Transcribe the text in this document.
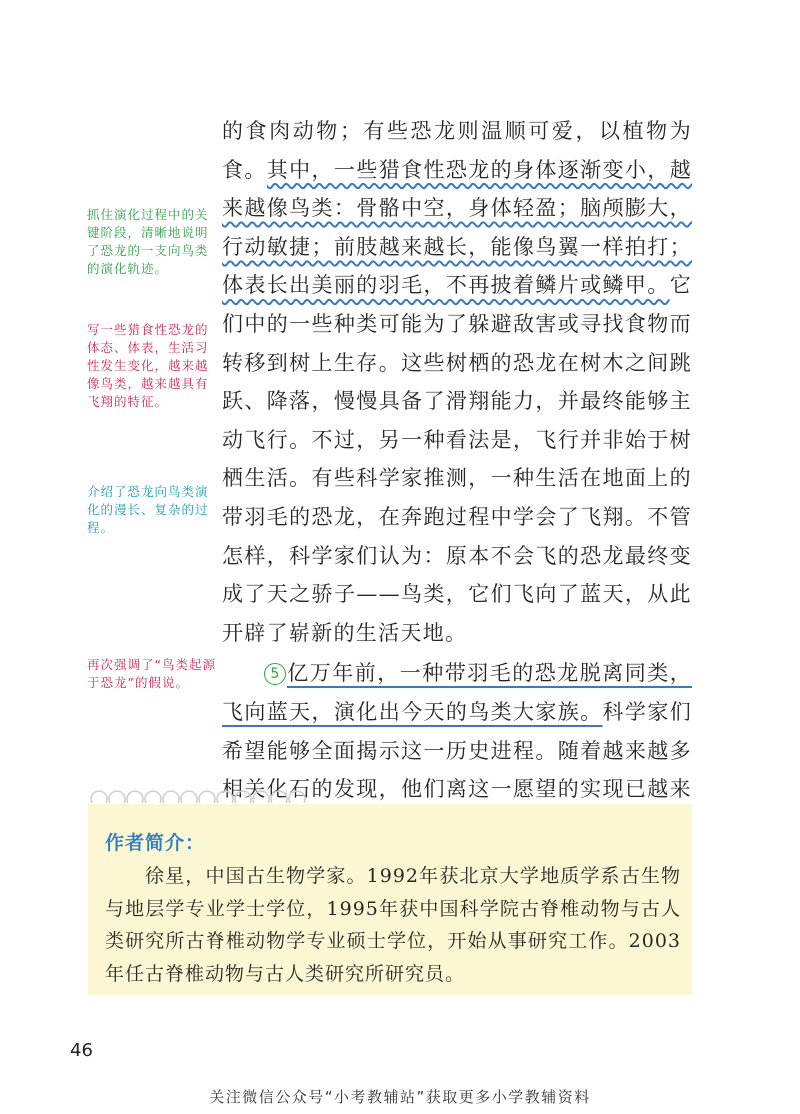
的食肉动物；有些恐龙则温顺可爱，以植物为食。其中，一些猎食性恐龙的身体逐渐变小，越来越像鸟类：骨骼中空，身体轻盈；脑颅膨大，行动敏捷；前肢越来越长，能像鸟翼一样拍打；体表长出美丽的羽毛，不再披着鳞片或鳞甲。它们中的一些种类可能为了躲避敌害或寻找食物而转移到树上生存。这些树栖的恐龙在树木之间跳跃、降落，慢慢具备了滑翔能力，并最终能够主动飞行。不过，另一种看法是，飞行并非始于树栖生活。有些科学家推测，一种生活在地面上的带羽毛的恐龙，在奔跑过程中学会了飞翔。不管怎样，科学家们认为：原本不会飞的恐龙最终变成了天之骄子——鸟类，它们飞向了蓝天，从此开辟了崭新的生活天地。

5 亿万年前，一种带羽毛的恐龙脱离同类，飞向蓝天，演化出今天的鸟类大家族。科学家们希望能够全面揭示这一历史进程。随着越来越多相关化石的发现，他们离这一愿望的实现已越来

抓住演化过程中的关键阶段，清晰地说明了恐龙的一支向鸟类的演化轨迹。
写一些猎食性恐龙的体态、体表，生活习性发生变化，越来越像鸟类，越来越具有飞翔的特征。
介绍了恐龙向鸟类演化的漫长、复杂的过程。
再次强调了“鸟类起源于恐龙”的假说。
作者简介：

徐星，中国古生物学家。1992年获北京大学地质学系古生物与地层学专业学士学位，1995年获中国科学院古脊椎动物与古人类研究所古脊椎动物学专业硕士学位，开始从事研究工作。2003年任古脊椎动物与古人类研究所研究员。

46
关注微信公众号“小考教辅站”获取更多小学教辅资料
